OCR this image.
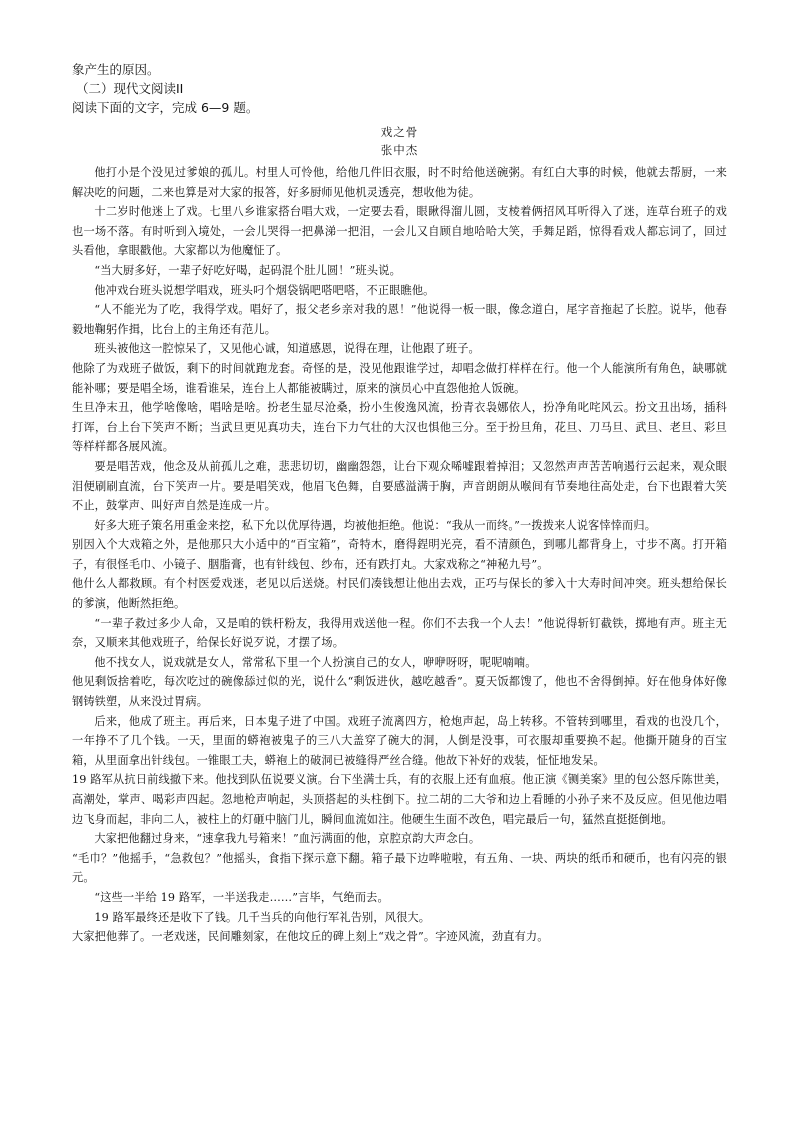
象产生的原因。

（二）现代文阅读II

阅读下面的文字，完成 6—9 题。

戏之骨

张中杰

他打小是个没见过爹娘的孤儿。村里人可怜他，给他几件旧衣服，时不时给他送碗粥。有红白大事的时候，他就去帮厨，一来解决吃的问题，二来也算是对大家的报答，好多厨师见他机灵透亮，想收他为徒。

十二岁时他迷上了戏。七里八乡谁家搭台唱大戏，一定要去看，眼瞅得溜儿圆，支棱着俩招风耳听得入了迷，连草台班子的戏也一场不落。有时听到入境处，一会儿哭得一把鼻涕一把泪，一会儿又自顾自地哈哈大笑，手舞足蹈，惊得看戏人都忘词了，回过头看他，拿眼戳他。大家都以为他魔怔了。

“当大厨多好，一辈子好吃好喝，起码混个肚儿圆！”班头说。

他冲戏台班头说想学唱戏，班头叼个烟袋锅吧嗒吧嗒，不正眼瞧他。

“人不能光为了吃，我得学戏。唱好了，报父老乡亲对我的恩！”他说得一板一眼，像念道白，尾字音拖起了长腔。说毕，他春毅地鞠躬作揖，比台上的主角还有范儿。

班头被他这一腔惊呆了，又见他心诚，知道感恩，说得在理，让他跟了班子。

他除了为戏班子做饭，剩下的时间就跑龙套。奇怪的是，没见他跟谁学过，却唱念做打样样在行。他一个人能演所有角色，缺哪就能补哪；要是唱全场，谁看谁呆，连台上人都能被瞒过，原来的演员心中直怨他抢人饭碗。

生旦净末丑，他学啥像啥，唱啥是啥。扮老生显尽沧桑，扮小生俊逸风流，扮青衣袅娜依人，扮净角叱咤风云。扮文丑出场，插科打诨，台上台下笑声不断；当武旦更见真功夫，连台下力气壮的大汉也惧他三分。至于扮旦角，花旦、刀马旦、武旦、老旦、彩旦等样样都各展风流。

要是唱苦戏，他念及从前孤儿之难，悲悲切切，幽幽怨怨，让台下观众唏嘘跟着掉泪；又忽然声声苦苦响遏行云起来，观众眼泪便刷刷直流，台下笑声一片。要是唱笑戏，他眉飞色舞，自要感溢满于胸，声音朗朗从喉间有节奏地往高处走，台下也跟着大笑不止，鼓掌声、叫好声自然是连成一片。

好多大班子策名用重金来挖，私下允以优厚待遇，均被他拒绝。他说：“我从一而终。”一拨拨来人说客悻悻而归。

别因入个大戏箱之外，是他那只大小适中的“百宝箱”，奇特木，磨得鋥明光亮，看不清颜色，到哪儿都背身上，寸步不离。打开箱子，有很怪毛巾、小镜子、胭脂膏，也有针线包、纱布，还有跌打丸。大家戏称之“神秘九号”。

他什么人都救顾。有个村医爱戏迷，老见以后送烧。村民们凑钱想让他出去戏，正巧与保长的爹入十大寿时间冲突。班头想给保长的爹演，他断然拒绝。

“一辈子救过多少人命，又是咱的铁杆粉友，我得用戏送他一程。你们不去我一个人去！”他说得斩钉截铁，掷地有声。班主无奈，又顺来其他戏班子，给保长好说歹说，才摆了场。

他不找女人，说戏就是女人，常常私下里一个人扮演自己的女人，咿咿呀呀，呢呢喃喃。

他见剩饭捨着吃，每次吃过的碗像舔过似的光，说什么“剩饭进伙，越吃越香”。夏天饭都馊了，他也不舍得倒掉。好在他身体好像钢铸铁塑，从来没过胃病。

后来，他成了班主。再后来，日本鬼子进了中国。戏班子流离四方，枪炮声起，岛上转移。不管转到哪里，看戏的也没几个，一年挣不了几个钱。一天，里面的蟒袍被鬼子的三八大盖穿了碗大的洞，人倒是没事，可衣服却重要换不起。他撕开随身的百宝箱，从里面拿出针线包。一锥眼工夫，蟒袍上的破洞已被缝得严丝合缝。他故下补好的戏装，怔怔地发呆。

19 路军从抗日前线撤下来。他找到队伍说要义演。台下坐满士兵，有的衣服上还有血痕。他正演《铡美案》里的包公怒斥陈世美，高潮处，掌声、喝彩声四起。忽地枪声响起，头顶搭起的头柱倒下。拉二胡的二大爷和边上看睡的小孙子来不及反应。但见他边唱边飞身而起，非向二人，被柱上的灯砸中脑门儿，瞬间血流如注。他硬生生面不改色，唱完最后一句，猛然直挺挺倒地。

大家把他翻过身来，“速拿我九号箱来！”血污满面的他，京腔京韵大声念白。

“毛巾？”他摇手，“急救包？”他摇头，食指下探示意下翻。箱子最下边哗啦啦，有五角、一块、两块的纸币和硬币，也有闪亮的银元。

“这些一半给 19 路军，一半送我走……”言毕，气绝而去。

19 路军最终还是收下了钱。几千当兵的向他行军礼告别，风很大。

大家把他葬了。一老戏迷，民间雕刻家，在他坟丘的碑上刻上“戏之骨”。字迹风流，劲直有力。
